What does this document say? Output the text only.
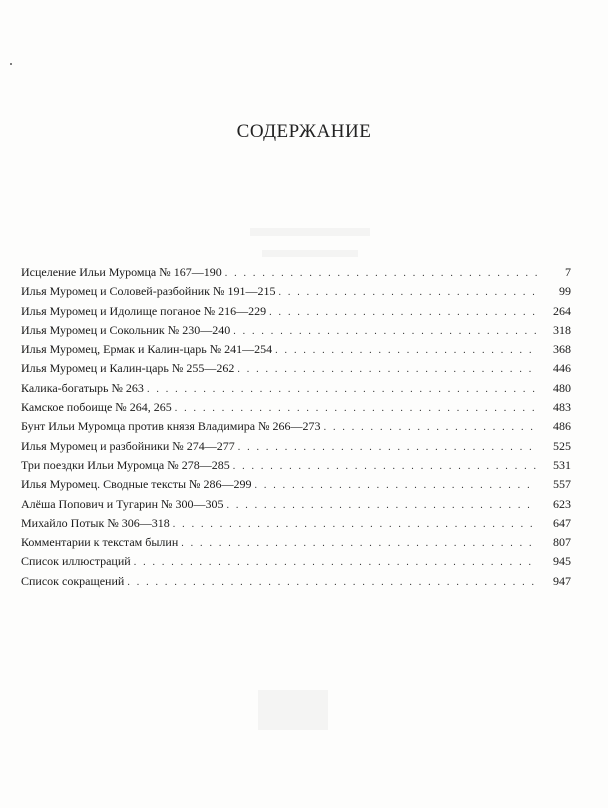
СОДЕРЖАНИЕ
Исцеление Ильи Муромца № 167—190 . . .	7
Илья Муромец и Соловей-разбойник № 191—215 . . .	99
Илья Муромец и Идолище поганое № 216—229 . . .	264
Илья Муромец и Сокольник № 230—240 . . .	318
Илья Муромец, Ермак и Калин-царь № 241—254 . . .	368
Илья Муромец и Калин-царь № 255—262 . . .	446
Калика-богатырь № 263 . . .	480
Камское побоище № 264, 265 . . .	483
Бунт Ильи Муромца против князя Владимира № 266—273 . . .	486
Илья Муромец и разбойники № 274—277 . . .	525
Три поездки Ильи Муромца № 278—285 . . .	531
Илья Муромец. Сводные тексты № 286—299 . . .	557
Алёша Попович и Тугарин № 300—305 . . .	623
Михайло Потык № 306—318 . . .	647
Комментарии к текстам былин . . .	807
Список иллюстраций . . .	945
Список сокращений . . .	947
